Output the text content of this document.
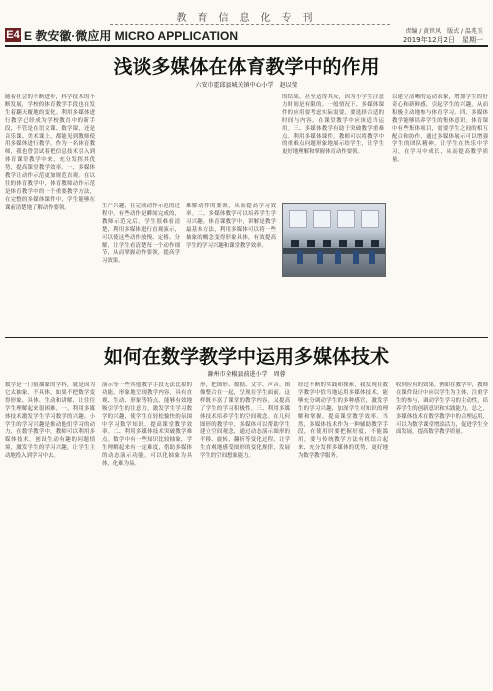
教育信息化专刊
E4 E 教安徽·微应用 MICRO APPLICATION	责编 / 黄世风　版式 / 温兆玉
2019年12月2日　星期一
浅谈多媒体在体育教学中的作用
六安市霍邱县城关镇中心小学　赵以莹
随着社会的不断进步，科学技术的不断发展，学校的体育教学手段也在发生着翻天覆地的变化。利用多媒体进行教学已经成为学校教育中的新手段，不管是在语文课、数学课，还是音乐课、美术课上，都能见到教师使用多媒体进行教学。作为一名体育教师，我也曾尝试着把信息技术引入到体育课堂教学中来，充分发挥其优势，提高课堂教学效率。一、多媒体教学让动作示范更加规范直观。在以往的体育教学中，体育教师动作示范是体育教学中的一个重要教学方法，在完整的多媒体课件中，学生能够在课前清楚地了解动作要领。	生产兴趣，在完成动作示范的过程中，有些动作是瞬间完成的，教师示范完后，学生很难看清楚，利用多媒体进行直观演示，可以使这些动作放慢、定格、分解，让学生看清楚每一个动作细节，从而掌握动作要领，提高学习效果。
难解动作的要领，从而提高学习效率。二、多媒体教学可以培养学生学习兴趣。体育课教学中，讲解是教学最基本方法，利用多媒体可以将一些抽象的概念变得形象具体，有效提高学生的学习兴趣和课堂教学效率。
的结果，甚至适得其反，因为小学生注意力时间是有限的。一般情况下，多媒体课件的应用要考虑实际需要，要选择合适的时间与内容，在课堂教学中应该适当运用。三、多媒体教学有助于突破教学重难点。利用多媒体课件，教师可以将教学中的重难点问题形象地展示给学生，让学生更好地理解和掌握体育动作要领。
以建立清晰的运动表象，增加学生的好奇心和新鲜感，引起学生的兴趣，从而积极主动地参与体育学习。四、多媒体教学能够培养学生的集体意识。体育课中有些集体项目，需要学生之间的相互配合和协作，通过多媒体展示可以增强学生的团队精神，让学生在快乐中学习，在学习中成长，从而提高教学质量。
如何在数学教学中运用多媒体技术
滁州市全椒县前进小学　周蓉
数学是一门很抽象的学科，就是因为它太抽象、不具体，如果不把数学变得形象、具体、生动和讲解，让往往学生理解起来很困难。一、利用多媒体技术激发学生学习数学的兴趣。小学生的学习兴趣是推动他们学习的动力，在数学教学中，教师可以利用多媒体技术，创设生动有趣的问题情境，激发学生的学习兴趣，让学生主动地投入到学习中去。
演示等一些其他教学手段无法比拟的功能，形象地呈现教学内容，具有直观、生动、形象等特点，能够有效地吸引学生的注意力，激发学生学习数学的兴趣，使学生在轻松愉快的氛围中学习数学知识，提高课堂教学效率。二、利用多媒体技术突破教学难点。数学中有一些知识比较抽象，学生理解起来有一定难度，借助多媒体的动态演示功能，可以化抽象为具体，化难为易。
形，把图形、数据、文字、声音、图像整合在一起，呈现在学生面前，这样既丰富了课堂的教学内容，又提高了学生的学习积极性。三、利用多媒体技术培养学生的空间观念。在几何图形的教学中，多媒体可以帮助学生建立空间观念，通过动态演示图形的平移、旋转、翻折等变化过程，让学生直观地感受图形的变化规律，发展学生的空间想象能力。
经过不断的实践和探索，我发现在数学教学中恰当地运用多媒体技术，能够充分调动学生的多种感官，激发学生的学习兴趣，加深学生对知识的理解和掌握，提高课堂教学效率。当然，多媒体技术作为一种辅助教学手段，在使用时要把握好度，不能滥用，要与传统教学方法有机结合起来，充分发挥多媒体的优势，更好地为数学教学服务。
收到应有的效果。例如在教学中，教师在课件设计中应以学生为主体，注重学生的参与，调动学生学习的主动性，培养学生的创新意识和实践能力。总之，多媒体技术在数学教学中的合理运用，可以为数学课堂增添活力，促进学生全面发展，提高数学教学质量。
